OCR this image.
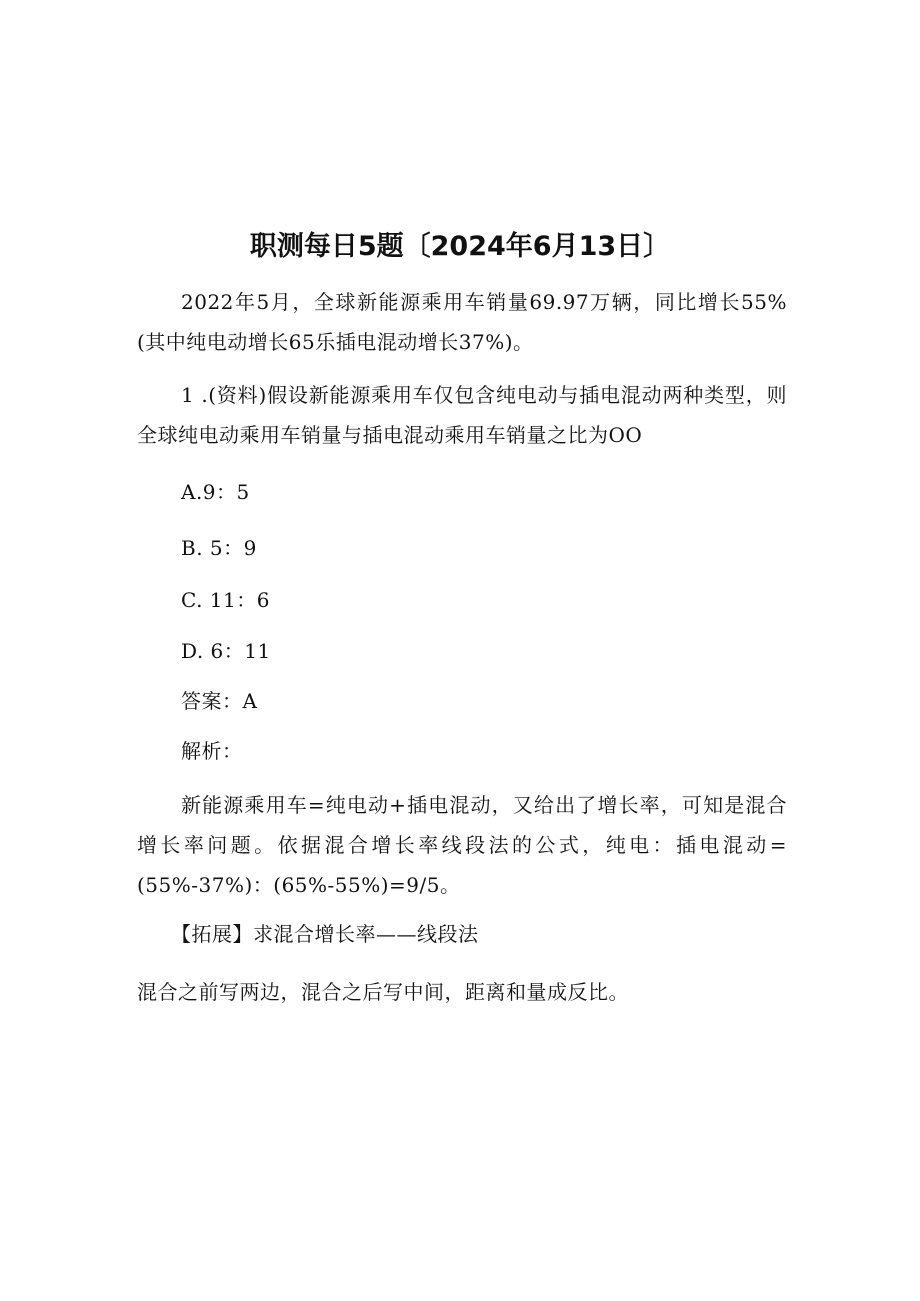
职测每日5题〔2024年6月13日〕
2022年5月，全球新能源乘用车销量69.97万辆，同比增长55%(其中纯电动增长65乐插电混动增长37%)。
1 .(资料)假设新能源乘用车仅包含纯电动与插电混动两种类型，则全球纯电动乘用车销量与插电混动乘用车销量之比为OO
A.9：5
B. 5：9
C. 11：6
D. 6：11
答案：A
解析：
新能源乘用车=纯电动+插电混动，又给出了增长率，可知是混合增长率问题。依据混合增长率线段法的公式，纯电：插电混动=(55%-37%)：(65%-55%)=9/5。
【拓展】求混合增长率——线段法
混合之前写两边，混合之后写中间，距离和量成反比。
